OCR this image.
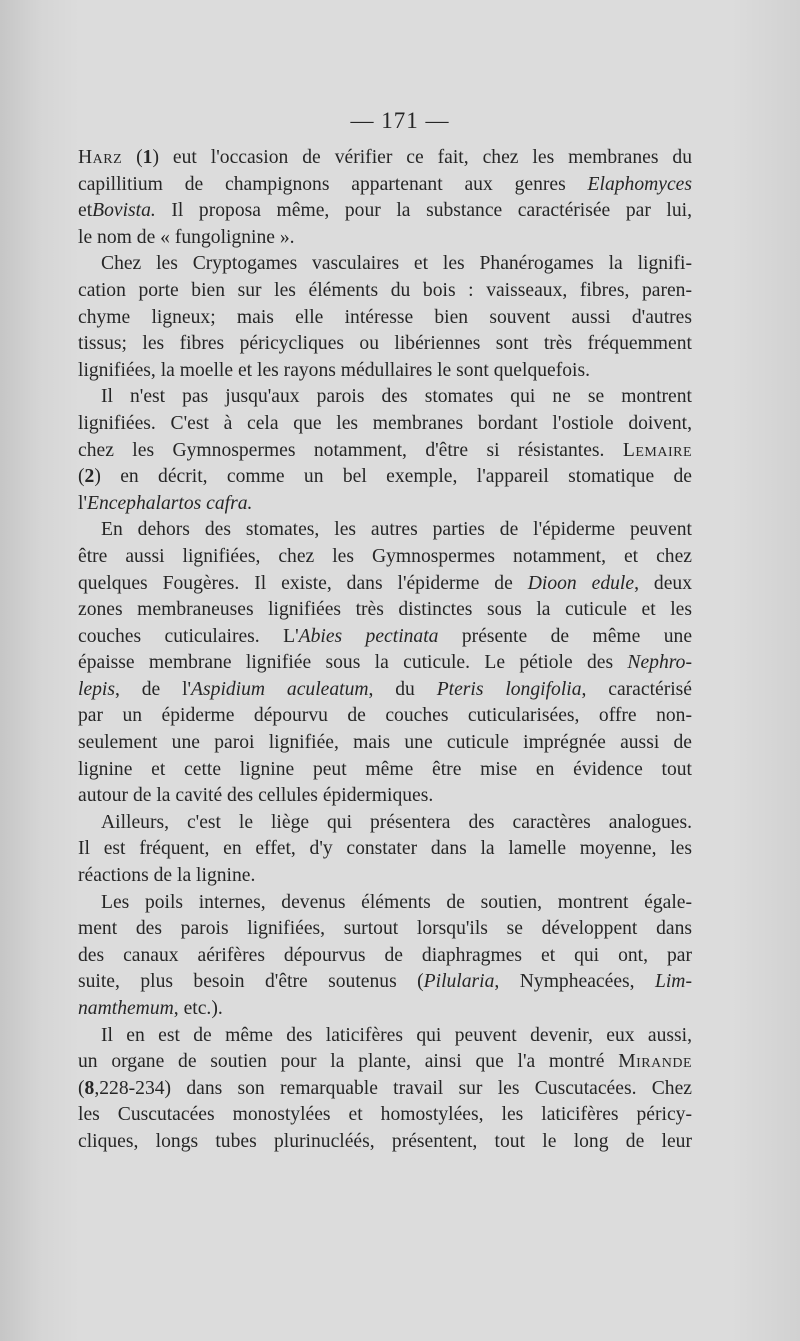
— 171 —

Harz (1) eut l'occasion de vérifier ce fait, chez les membranes du

capillitium de champignons appartenant aux genres Elaphomyces

etBovista. Il proposa même, pour la substance caractérisée par lui,

le nom de « fungolignine ».

Chez les Cryptogames vasculaires et les Phanérogames la lignifi-

cation porte bien sur les éléments du bois : vaisseaux, fibres, paren-

chyme ligneux; mais elle intéresse bien souvent aussi d'autres

tissus; les fibres péricycliques ou libériennes sont très fréquemment

lignifiées, la moelle et les rayons médullaires le sont quelquefois.

Il n'est pas jusqu'aux parois des stomates qui ne se montrent

lignifiées. C'est à cela que les membranes bordant l'ostiole doivent,

chez les Gymnospermes notamment, d'être si résistantes. Lemaire

(2) en décrit, comme un bel exemple, l'appareil stomatique de

l'Encephalartos cafra.

En dehors des stomates, les autres parties de l'épiderme peuvent

être aussi lignifiées, chez les Gymnospermes notamment, et chez

quelques Fougères. Il existe, dans l'épiderme de Dioon edule, deux

zones membraneuses lignifiées très distinctes sous la cuticule et les

couches cuticulaires. L'Abies pectinata présente de même une

épaisse membrane lignifiée sous la cuticule. Le pétiole des Nephro-

lepis, de l'Aspidium aculeatum, du Pteris longifolia, caractérisé

par un épiderme dépourvu de couches cuticularisées, offre non-

seulement une paroi lignifiée, mais une cuticule imprégnée aussi de

lignine et cette lignine peut même être mise en évidence tout

autour de la cavité des cellules épidermiques.

Ailleurs, c'est le liège qui présentera des caractères analogues.

Il est fréquent, en effet, d'y constater dans la lamelle moyenne, les

réactions de la lignine.

Les poils internes, devenus éléments de soutien, montrent égale-

ment des parois lignifiées, surtout lorsqu'ils se développent dans

des canaux aérifères dépourvus de diaphragmes et qui ont, par

suite, plus besoin d'être soutenus (Pilularia, Nympheacées, Lim-

namthemum, etc.).

Il en est de même des laticifères qui peuvent devenir, eux aussi,

un organe de soutien pour la plante, ainsi que l'a montré Mirande

(8,228-234) dans son remarquable travail sur les Cuscutacées. Chez

les Cuscutacées monostylées et homostylées, les laticifères péricy-

cliques, longs tubes plurinucléés, présentent, tout le long de leur
